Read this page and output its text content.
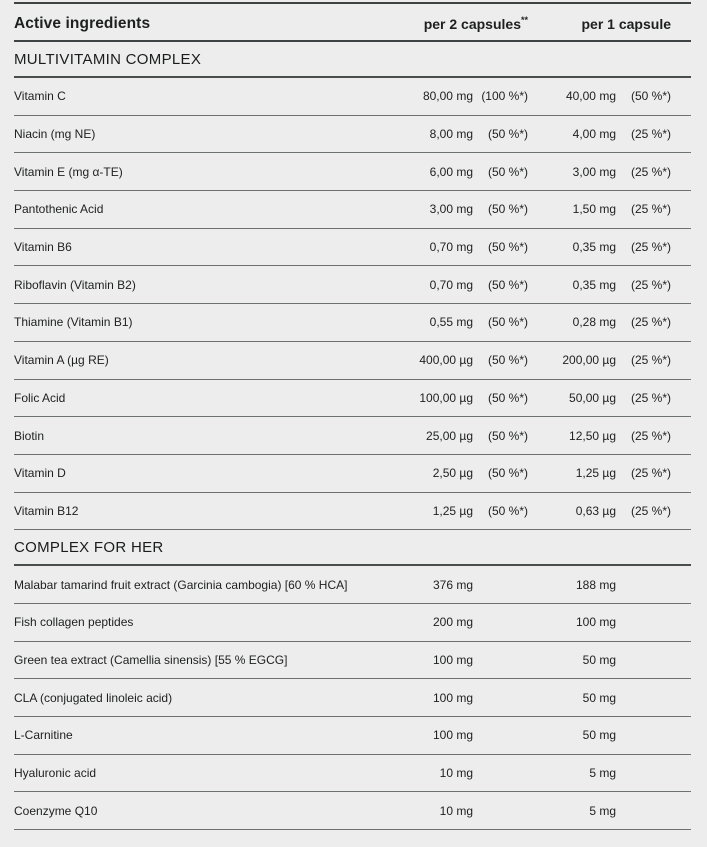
Active ingredients	per 2 capsules**	per 1 capsule
MULTIVITAMIN COMPLEX
Vitamin C	80,00 mg (100 %*)	40,00 mg	(50 %*)
Niacin (mg NE)	8,00 mg	(50 %*)	4,00 mg	(25 %*)
Vitamin E (mg α-TE)	6,00 mg	(50 %*)	3,00 mg	(25 %*)
Pantothenic Acid	3,00 mg	(50 %*)	1,50 mg	(25 %*)
Vitamin B6	0,70 mg	(50 %*)	0,35 mg	(25 %*)
Riboflavin (Vitamin B2)	0,70 mg	(50 %*)	0,35 mg	(25 %*)
Thiamine (Vitamin B1)	0,55 mg	(50 %*)	0,28 mg	(25 %*)
Vitamin A (µg RE)	400,00 µg	(50 %*)	200,00 µg	(25 %*)
Folic Acid	100,00 µg	(50 %*)	50,00 µg	(25 %*)
Biotin	25,00 µg	(50 %*)	12,50 µg	(25 %*)
Vitamin D	2,50 µg	(50 %*)	1,25 µg	(25 %*)
Vitamin B12	1,25 µg	(50 %*)	0,63 µg	(25 %*)
COMPLEX FOR HER
Malabar tamarind fruit extract (Garcinia cambogia) [60 % HCA]	376 mg	188 mg
Fish collagen peptides	200 mg	100 mg
Green tea extract (Camellia sinensis) [55 % EGCG]	100 mg	50 mg
CLA (conjugated linoleic acid)	100 mg	50 mg
L-Carnitine	100 mg	50 mg
Hyaluronic acid	10 mg	5 mg
Coenzyme Q10	10 mg	5 mg
